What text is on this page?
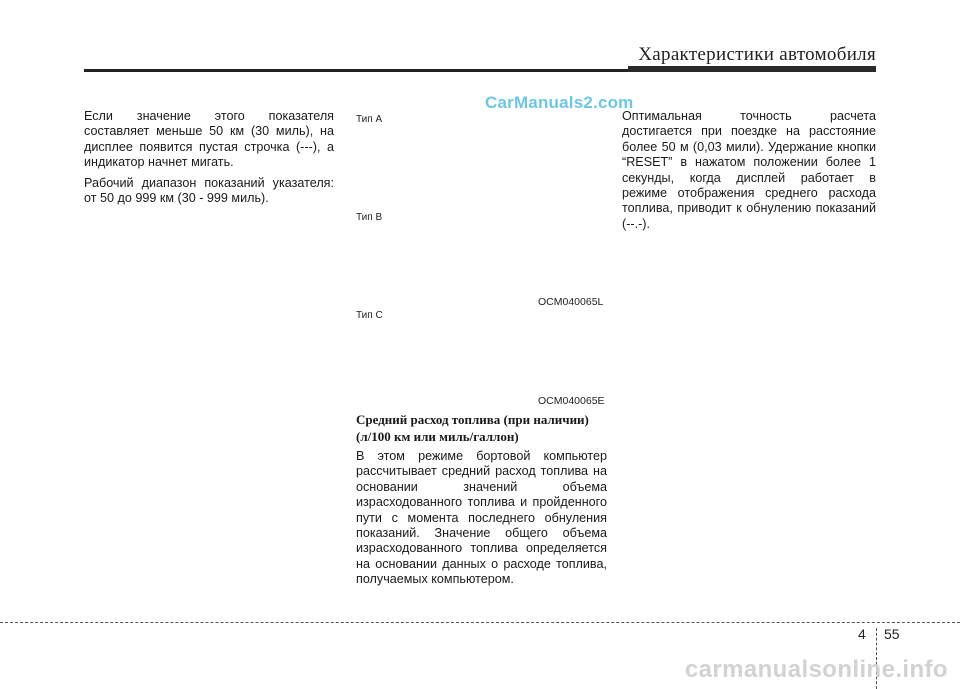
Характеристики автомобиля
CarManuals2.com

Если значение этого показателя составляет меньше 50 км (30 миль), на дисплее появится пустая строчка (---), а индикатор начнет мигать.

Рабочий диапазон показаний указателя: от 50 до 999 км (30 - 999 миль).

Тип A
Тип B
OCM040065L
Тип C
OCM040065E
Средний расход топлива (при наличии)
(л/100 км или миль/галлон)

В этом режиме бортовой компьютер рассчитывает средний расход топлива на основании значений объема израсходованного топлива и пройденного пути с момента последнего обнуления показаний. Значение общего объема израсходованного топлива определяется на основании данных о расходе топлива, получаемых компьютером.

Оптимальная точность расчета достигается при поездке на расстояние более 50 м (0,03 мили). Удержание кнопки “RESET” в нажатом положении более 1 секунды, когда дисплей работает в режиме отображения среднего расхода топлива, приводит к обнулению показаний (--.-).

4 55
carmanualsonline.info
